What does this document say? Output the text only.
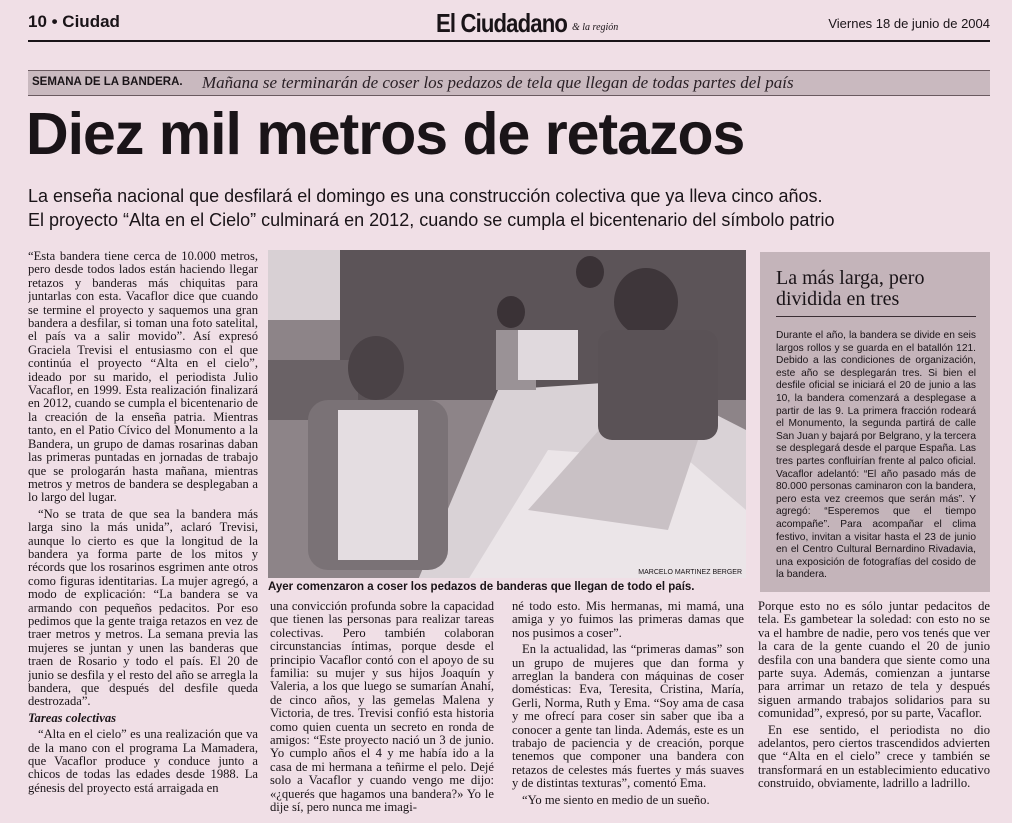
10 • Ciudad	El Ciudadano & la región	Viernes 18 de junio de 2004
SEMANA DE LA BANDERA. Mañana se terminarán de coser los pedazos de tela que llegan de todas partes del país
Diez mil metros de retazos
La enseña nacional que desfilará el domingo es una construcción colectiva que ya lleva cinco años.
El proyecto “Alta en el Cielo” culminará en 2012, cuando se cumpla el bicentenario del símbolo patrio

“Esta bandera tiene cerca de 10.000 metros, pero desde todos lados están haciendo llegar retazos y banderas más chiquitas para juntarlas con esta. Vacaflor dice que cuando se termine el proyecto y saquemos una gran bandera a desfilar, si toman una foto satelital, el país va a salir movido”. Así expresó Graciela Trevisi el entusiasmo con el que continúa el proyecto “Alta en el cielo”, ideado por su marido, el periodista Julio Vacaflor, en 1999. Esta realización finalizará en 2012, cuando se cumpla el bicentenario de la creación de la enseña patria. Mientras tanto, en el Patio Cívico del Monumento a la Bandera, un grupo de damas rosarinas daban las primeras puntadas en jornadas de trabajo que se prologarán hasta mañana, mientras metros y metros de bandera se desplegaban a lo largo del lugar.

“No se trata de que sea la bandera más larga sino la más unida”, aclaró Trevisi, aunque lo cierto es que la longitud de la bandera ya forma parte de los mitos y récords que los rosarinos esgrimen ante otros como figuras identitarias. La mujer agregó, a modo de explicación: “La bandera se va armando con pequeños pedacitos. Por eso pedimos que la gente traiga retazos en vez de traer metros y metros. La semana previa las mujeres se juntan y unen las banderas que traen de Rosario y todo el país. El 20 de junio se desfila y el resto del año se arregla la bandera, que después del desfile queda destrozada”.

Tareas colectivas

“Alta en el cielo” es una realización que va de la mano con el programa La Mamadera, que Vacaflor produce y conduce junto a chicos de todas las edades desde 1988. La génesis del proyecto está arraigada en

MARCELO MARTINEZ BERGER
Ayer comenzaron a coser los pedazos de banderas que llegan de todo el país.
La más larga, pero dividida en tres
Durante el año, la bandera se divide en seis largos rollos y se guarda en el batallón 121. Debido a las condiciones de organización, este año se desplegarán tres. Si bien el desfile oficial se iniciará el 20 de junio a las 10, la bandera comenzará a desplegase a partir de las 9. La primera fracción rodeará el Monumento, la segunda partirá de calle San Juan y bajará por Belgrano, y la tercera se desplegará desde el parque España. Las tres partes confluirían frente al palco oficial. Vacaflor adelantó: “El año pasado más de 80.000 personas caminaron con la bandera, pero esta vez creemos que serán más”. Y agregó: “Esperemos que el tiempo acompañe”. Para acompañar el clima festivo, invitan a visitar hasta el 23 de junio en el Centro Cultural Bernardino Rivadavia, una exposición de fotografías del cosido de la bandera.

una convicción profunda sobre la capacidad que tienen las personas para realizar tareas colectivas. Pero también colaboran circunstancias íntimas, porque desde el principio Vacaflor contó con el apoyo de su familia: su mujer y sus hijos Joaquín y Valeria, a los que luego se sumarían Anahí, de cinco años, y las gemelas Malena y Victoria, de tres. Trevisi confió esta historia como quien cuenta un secreto en ronda de amigos: “Este proyecto nació un 3 de junio. Yo cumplo años el 4 y me había ido a la casa de mi hermana a teñirme el pelo. Dejé solo a Vacaflor y cuando vengo me dijo: «¿querés que hagamos una bandera?» Yo le dije sí, pero nunca me imagi-

né todo esto. Mis hermanas, mi mamá, una amiga y yo fuimos las primeras damas que nos pusimos a coser”.

En la actualidad, las “primeras damas” son un grupo de mujeres que dan forma y arreglan la bandera con máquinas de coser domésticas: Eva, Teresita, Cristina, María, Gerli, Norma, Ruth y Ema. “Soy ama de casa y me ofrecí para coser sin saber que iba a conocer a gente tan linda. Además, este es un trabajo de paciencia y de creación, porque tenemos que componer una bandera con retazos de celestes más fuertes y más suaves y de distintas texturas”, comentó Ema.

“Yo me siento en medio de un sueño.

Porque esto no es sólo juntar pedacitos de tela. Es gambetear la soledad: con esto no se va el hambre de nadie, pero vos tenés que ver la cara de la gente cuando el 20 de junio desfila con una bandera que siente como una parte suya. Además, comienzan a juntarse para arrimar un retazo de tela y después siguen armando trabajos solidarios para su comunidad”, expresó, por su parte, Vacaflor.

En ese sentido, el periodista no dio adelantos, pero ciertos trascendidos advierten que “Alta en el cielo” crece y también se transformará en un establecimiento educativo construido, obviamente, ladrillo a ladrillo.
